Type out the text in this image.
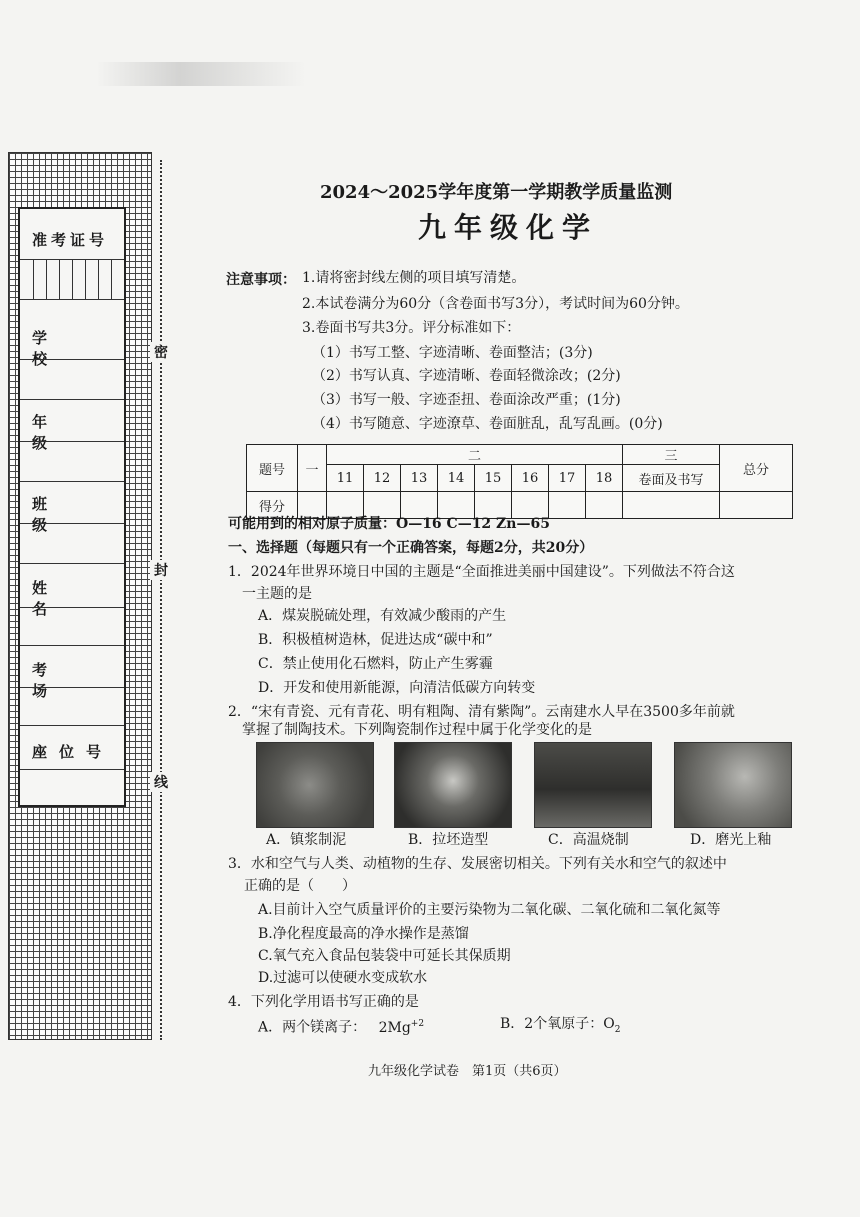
准考证号
学校
年级
班级
姓名
考场
座位号
密
封
线
2024～2025学年度第一学期教学质量监测
九年级化学
注意事项： 1.请将密封线左侧的项目填写清楚。
2.本试卷满分为60分（含卷面书写3分），考试时间为60分钟。
3.卷面书写共3分。评分标准如下：
（1）书写工整、字迹清晰、卷面整洁；(3分)
（2）书写认真、字迹清晰、卷面轻微涂改；(2分)
（3）书写一般、字迹歪扭、卷面涂改严重；(1分)
（4）书写随意、字迹潦草、卷面脏乱，乱写乱画。(0分)
题号	一	二								三	总分
		11	12	13	14	15	16	17	18	卷面及书写	
得分											
可能用到的相对原子质量：O—16 C—12 Zn—65
一、选择题（每题只有一个正确答案，每题2分，共20分）
1．2024年世界环境日中国的主题是“全面推进美丽中国建设”。下列做法不符合这
一主题的是
A．煤炭脱硫处理，有效减少酸雨的产生
B．积极植树造林，促进达成“碳中和”
C．禁止使用化石燃料，防止产生雾霾
D．开发和使用新能源，向清洁低碳方向转变
2．“宋有青瓷、元有青花、明有粗陶、清有紫陶”。云南建水人早在3500多年前就
掌握了制陶技术。下列陶瓷制作过程中属于化学变化的是
A．镇浆制泥	B．拉坯造型	C．高温烧制	D．磨光上釉
3．水和空气与人类、动植物的生存、发展密切相关。下列有关水和空气的叙述中
正确的是（　　）
A.目前计入空气质量评价的主要污染物为二氧化碳、二氧化硫和二氧化氮等
B.净化程度最高的净水操作是蒸馏
C.氧气充入食品包装袋中可延长其保质期
D.过滤可以使硬水变成软水
4．下列化学用语书写正确的是
A．两个镁离子： $2Mg^{+2}$	B．2个氧原子：$O_2$
九年级化学试卷　第1页（共6页）
